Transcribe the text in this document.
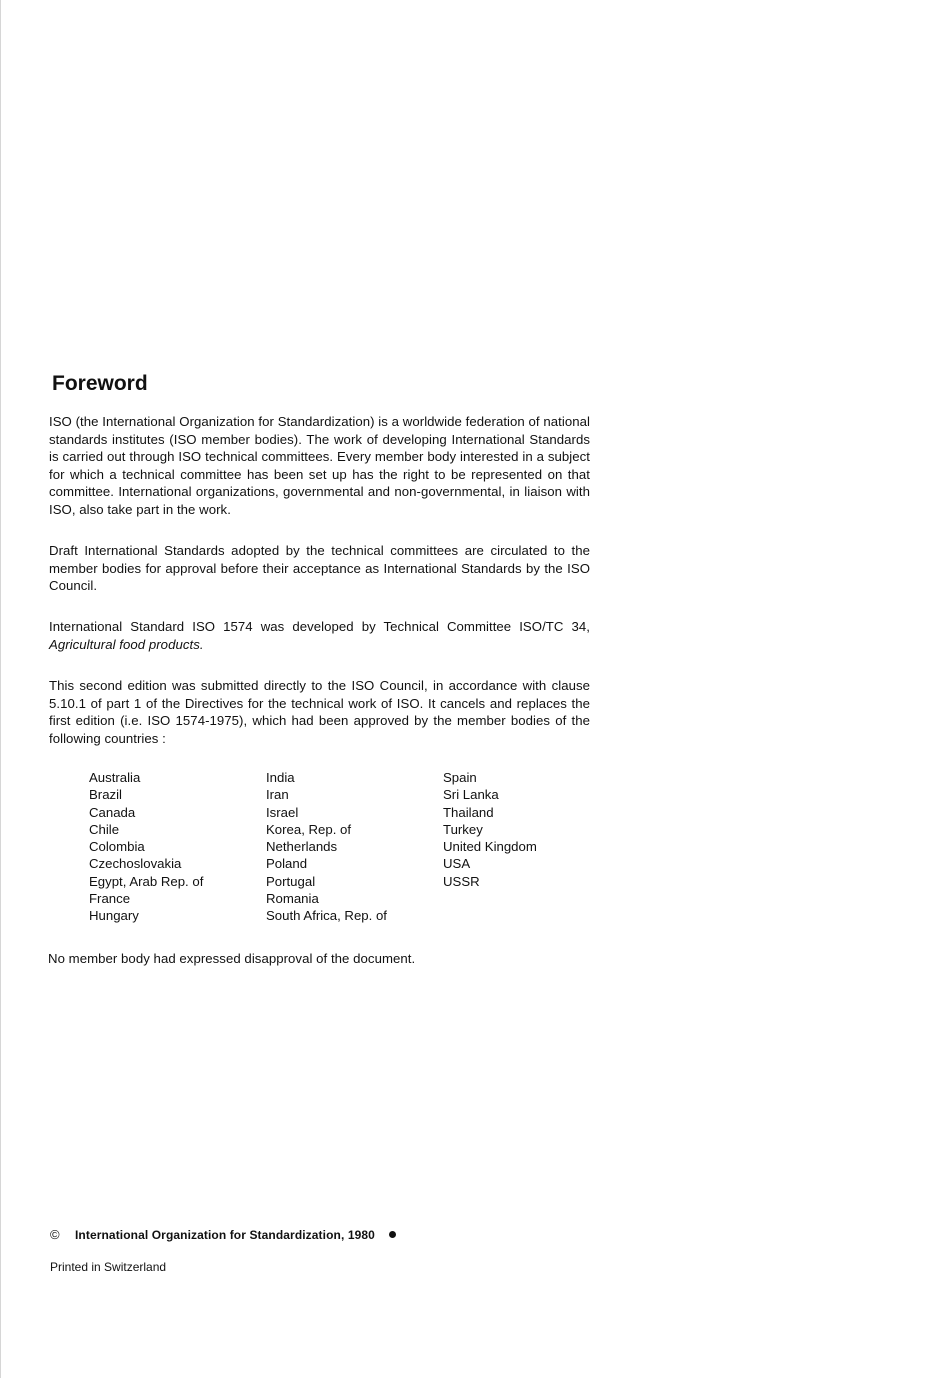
Foreword

ISO (the International Organization for Standardization) is a worldwide federation of national standards institutes (ISO member bodies). The work of developing International Standards is carried out through ISO technical committees. Every member body interested in a subject for which a technical committee has been set up has the right to be represented on that committee. International organizations, governmental and non-governmental, in liaison with ISO, also take part in the work.

Draft International Standards adopted by the technical committees are circulated to the member bodies for approval before their acceptance as International Standards by the ISO Council.

International Standard ISO 1574 was developed by Technical Committee ISO/TC 34, Agricultural food products.

This second edition was submitted directly to the ISO Council, in accordance with clause 5.10.1 of part 1 of the Directives for the technical work of ISO. It cancels and replaces the first edition (i.e. ISO 1574-1975), which had been approved by the member bodies of the following countries :

Australia
Brazil
Canada
Chile
Colombia
Czechoslovakia
Egypt, Arab Rep. of
France
Hungary
India
Iran
Israel
Korea, Rep. of
Netherlands
Poland
Portugal
Romania
South Africa, Rep. of
Spain
Sri Lanka
Thailand
Turkey
United Kingdom
USA
USSR

No member body had expressed disapproval of the document.

© International Organization for Standardization, 1980
Printed in Switzerland
